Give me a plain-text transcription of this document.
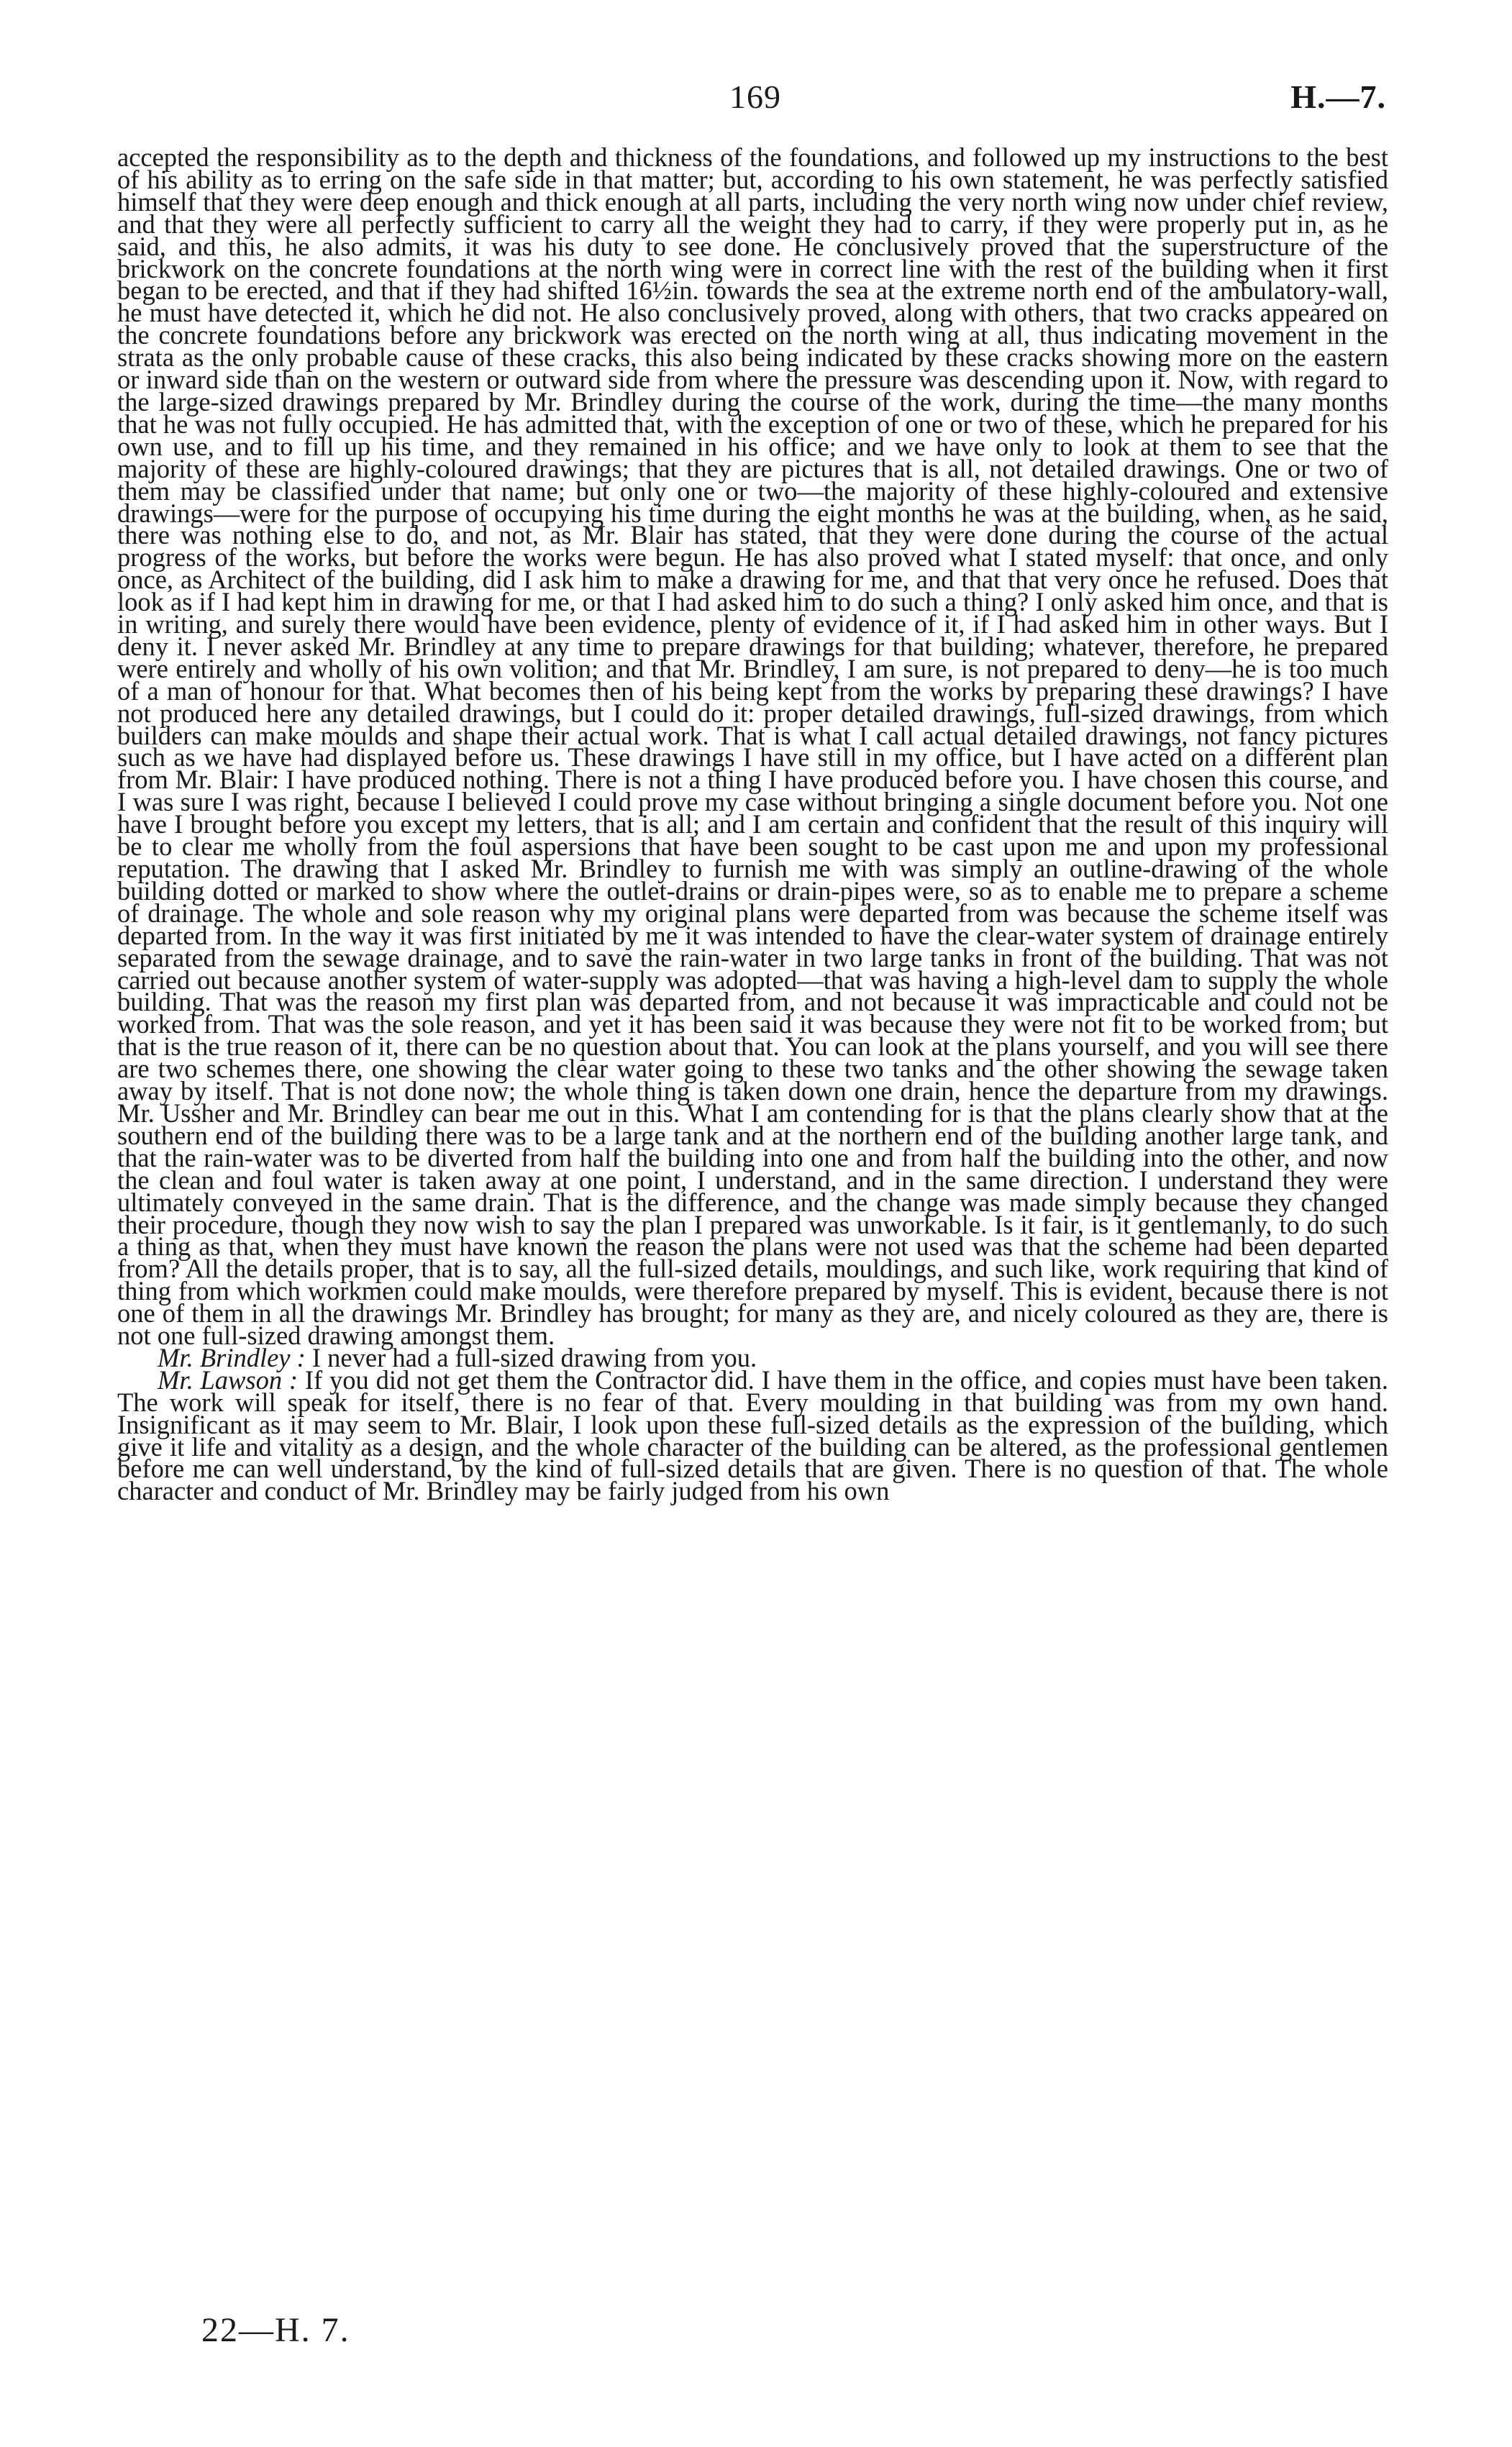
169	H.—7.

accepted the responsibility as to the depth and thickness of the foundations, and followed up my instructions to the best of his ability as to erring on the safe side in that matter; but, according to his own statement, he was perfectly satisfied himself that they were deep enough and thick enough at all parts, including the very north wing now under chief review, and that they were all perfectly sufficient to carry all the weight they had to carry, if they were properly put in, as he said, and this, he also admits, it was his duty to see done. He conclusively proved that the superstructure of the brickwork on the concrete foundations at the north wing were in correct line with the rest of the building when it first began to be erected, and that if they had shifted 16½in. towards the sea at the extreme north end of the ambulatory-wall, he must have detected it, which he did not. He also conclusively proved, along with others, that two cracks appeared on the concrete foundations before any brickwork was erected on the north wing at all, thus indicating movement in the strata as the only probable cause of these cracks, this also being indicated by these cracks showing more on the eastern or inward side than on the western or outward side from where the pressure was descending upon it. Now, with regard to the large-sized drawings prepared by Mr. Brindley during the course of the work, during the time—the many months that he was not fully occupied. He has admitted that, with the exception of one or two of these, which he prepared for his own use, and to fill up his time, and they remained in his office; and we have only to look at them to see that the majority of these are highly-coloured drawings; that they are pictures that is all, not detailed drawings. One or two of them may be classified under that name; but only one or two—the majority of these highly-coloured and extensive drawings—were for the purpose of occupying his time during the eight months he was at the building, when, as he said, there was nothing else to do, and not, as Mr. Blair has stated, that they were done during the course of the actual progress of the works, but before the works were begun. He has also proved what I stated myself: that once, and only once, as Architect of the building, did I ask him to make a drawing for me, and that that very once he refused. Does that look as if I had kept him in drawing for me, or that I had asked him to do such a thing? I only asked him once, and that is in writing, and surely there would have been evidence, plenty of evidence of it, if I had asked him in other ways. But I deny it. I never asked Mr. Brindley at any time to prepare drawings for that building; whatever, therefore, he prepared were entirely and wholly of his own volition; and that Mr. Brindley, I am sure, is not prepared to deny—he is too much of a man of honour for that. What becomes then of his being kept from the works by preparing these drawings? I have not produced here any detailed drawings, but I could do it: proper detailed drawings, full-sized drawings, from which builders can make moulds and shape their actual work. That is what I call actual detailed drawings, not fancy pictures such as we have had displayed before us. These drawings I have still in my office, but I have acted on a different plan from Mr. Blair: I have produced nothing. There is not a thing I have produced before you. I have chosen this course, and I was sure I was right, because I believed I could prove my case without bringing a single document before you. Not one have I brought before you except my letters, that is all; and I am certain and confident that the result of this inquiry will be to clear me wholly from the foul aspersions that have been sought to be cast upon me and upon my professional reputation. The drawing that I asked Mr. Brindley to furnish me with was simply an outline-drawing of the whole building dotted or marked to show where the outlet-drains or drain-pipes were, so as to enable me to prepare a scheme of drainage. The whole and sole reason why my original plans were departed from was because the scheme itself was departed from. In the way it was first initiated by me it was intended to have the clear-water system of drainage entirely separated from the sewage drainage, and to save the rain-water in two large tanks in front of the building. That was not carried out because another system of water-supply was adopted—that was having a high-level dam to supply the whole building. That was the reason my first plan was departed from, and not because it was impracticable and could not be worked from. That was the sole reason, and yet it has been said it was because they were not fit to be worked from; but that is the true reason of it, there can be no question about that. You can look at the plans yourself, and you will see there are two schemes there, one showing the clear water going to these two tanks and the other showing the sewage taken away by itself. That is not done now; the whole thing is taken down one drain, hence the departure from my drawings. Mr. Ussher and Mr. Brindley can bear me out in this. What I am contending for is that the plans clearly show that at the southern end of the building there was to be a large tank and at the northern end of the building another large tank, and that the rain-water was to be diverted from half the building into one and from half the building into the other, and now the clean and foul water is taken away at one point, I understand, and in the same direction. I understand they were ultimately conveyed in the same drain. That is the difference, and the change was made simply because they changed their procedure, though they now wish to say the plan I prepared was unworkable. Is it fair, is it gentlemanly, to do such a thing as that, when they must have known the reason the plans were not used was that the scheme had been departed from? All the details proper, that is to say, all the full-sized details, mouldings, and such like, work requiring that kind of thing from which workmen could make moulds, were therefore prepared by myself. This is evident, because there is not one of them in all the drawings Mr. Brindley has brought; for many as they are, and nicely coloured as they are, there is not one full-sized drawing amongst them.

Mr. Brindley : I never had a full-sized drawing from you.

Mr. Lawson : If you did not get them the Contractor did. I have them in the office, and copies must have been taken. The work will speak for itself, there is no fear of that. Every moulding in that building was from my own hand. Insignificant as it may seem to Mr. Blair, I look upon these full-sized details as the expression of the building, which give it life and vitality as a design, and the whole character of the building can be altered, as the professional gentlemen before me can well understand, by the kind of full-sized details that are given. There is no question of that. The whole character and conduct of Mr. Brindley may be fairly judged from his own

22—H. 7.
